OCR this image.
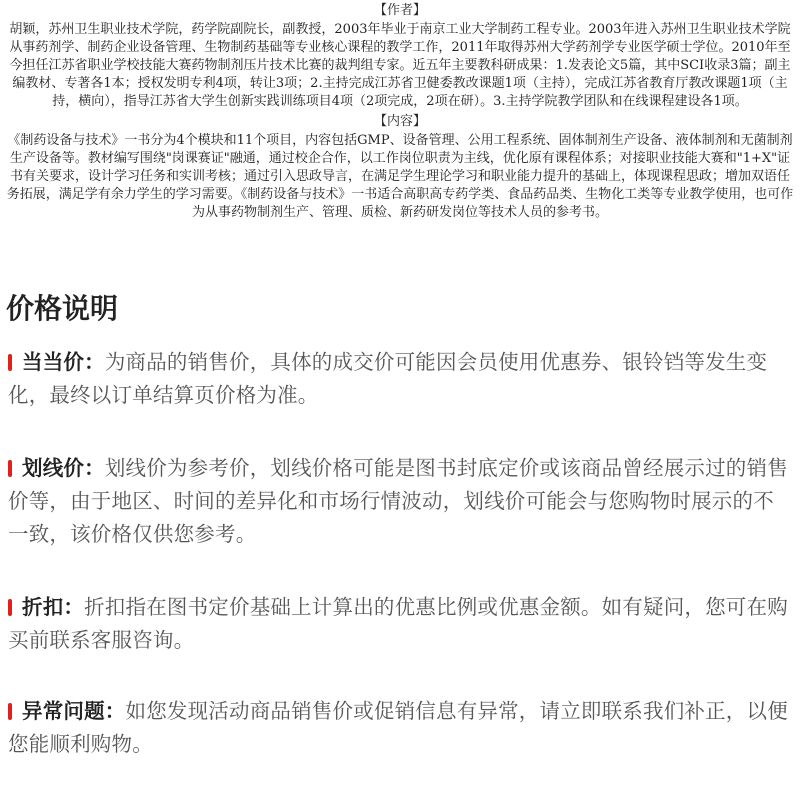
【作者】
胡颖，苏州卫生职业技术学院，药学院副院长，副教授，2003年毕业于南京工业大学制药工程专业。2003年进入苏州卫生职业技术学院从事药剂学、制药企业设备管理、生物制药基础等专业核心课程的教学工作，2011年取得苏州大学药剂学专业医学硕士学位。2010年至今担任江苏省职业学校技能大赛药物制剂压片技术比赛的裁判组专家。近五年主要教科研成果：1.发表论文5篇，其中SCI收录3篇；副主编教材、专著各1本；授权发明专利4项，转让3项；2.主持完成江苏省卫健委教改课题1项（主持），完成江苏省教育厅教改课题1项（主持，横向），指导江苏省大学生创新实践训练项目4项（2项完成，2项在研）。3.主持学院教学团队和在线课程建设各1项。
【内容】
《制药设备与技术》一书分为4个模块和11个项目，内容包括GMP、设备管理、公用工程系统、固体制剂生产设备、液体制剂和无菌制剂生产设备等。教材编写围绕"岗课赛证"融通，通过校企合作，以工作岗位职责为主线，优化原有课程体系；对接职业技能大赛和"1+X"证书有关要求，设计学习任务和实训考核；通过引入思政导言，在满足学生理论学习和职业能力提升的基础上，体现课程思政；增加双语任务拓展，满足学有余力学生的学习需要。《制药设备与技术》一书适合高职高专药学类、食品药品类、生物化工类等专业教学使用，也可作为从事药物制剂生产、管理、质检、新药研发岗位等技术人员的参考书。
价格说明

当当价：为商品的销售价，具体的成交价可能因会员使用优惠券、银铃铛等发生变化，最终以订单结算页价格为准。

划线价：划线价为参考价，划线价格可能是图书封底定价或该商品曾经展示过的销售价等，由于地区、时间的差异化和市场行情波动，划线价可能会与您购物时展示的不一致，该价格仅供您参考。

折扣：折扣指在图书定价基础上计算出的优惠比例或优惠金额。如有疑问，您可在购买前联系客服咨询。

异常问题：如您发现活动商品销售价或促销信息有异常，请立即联系我们补正，以便您能顺利购物。
